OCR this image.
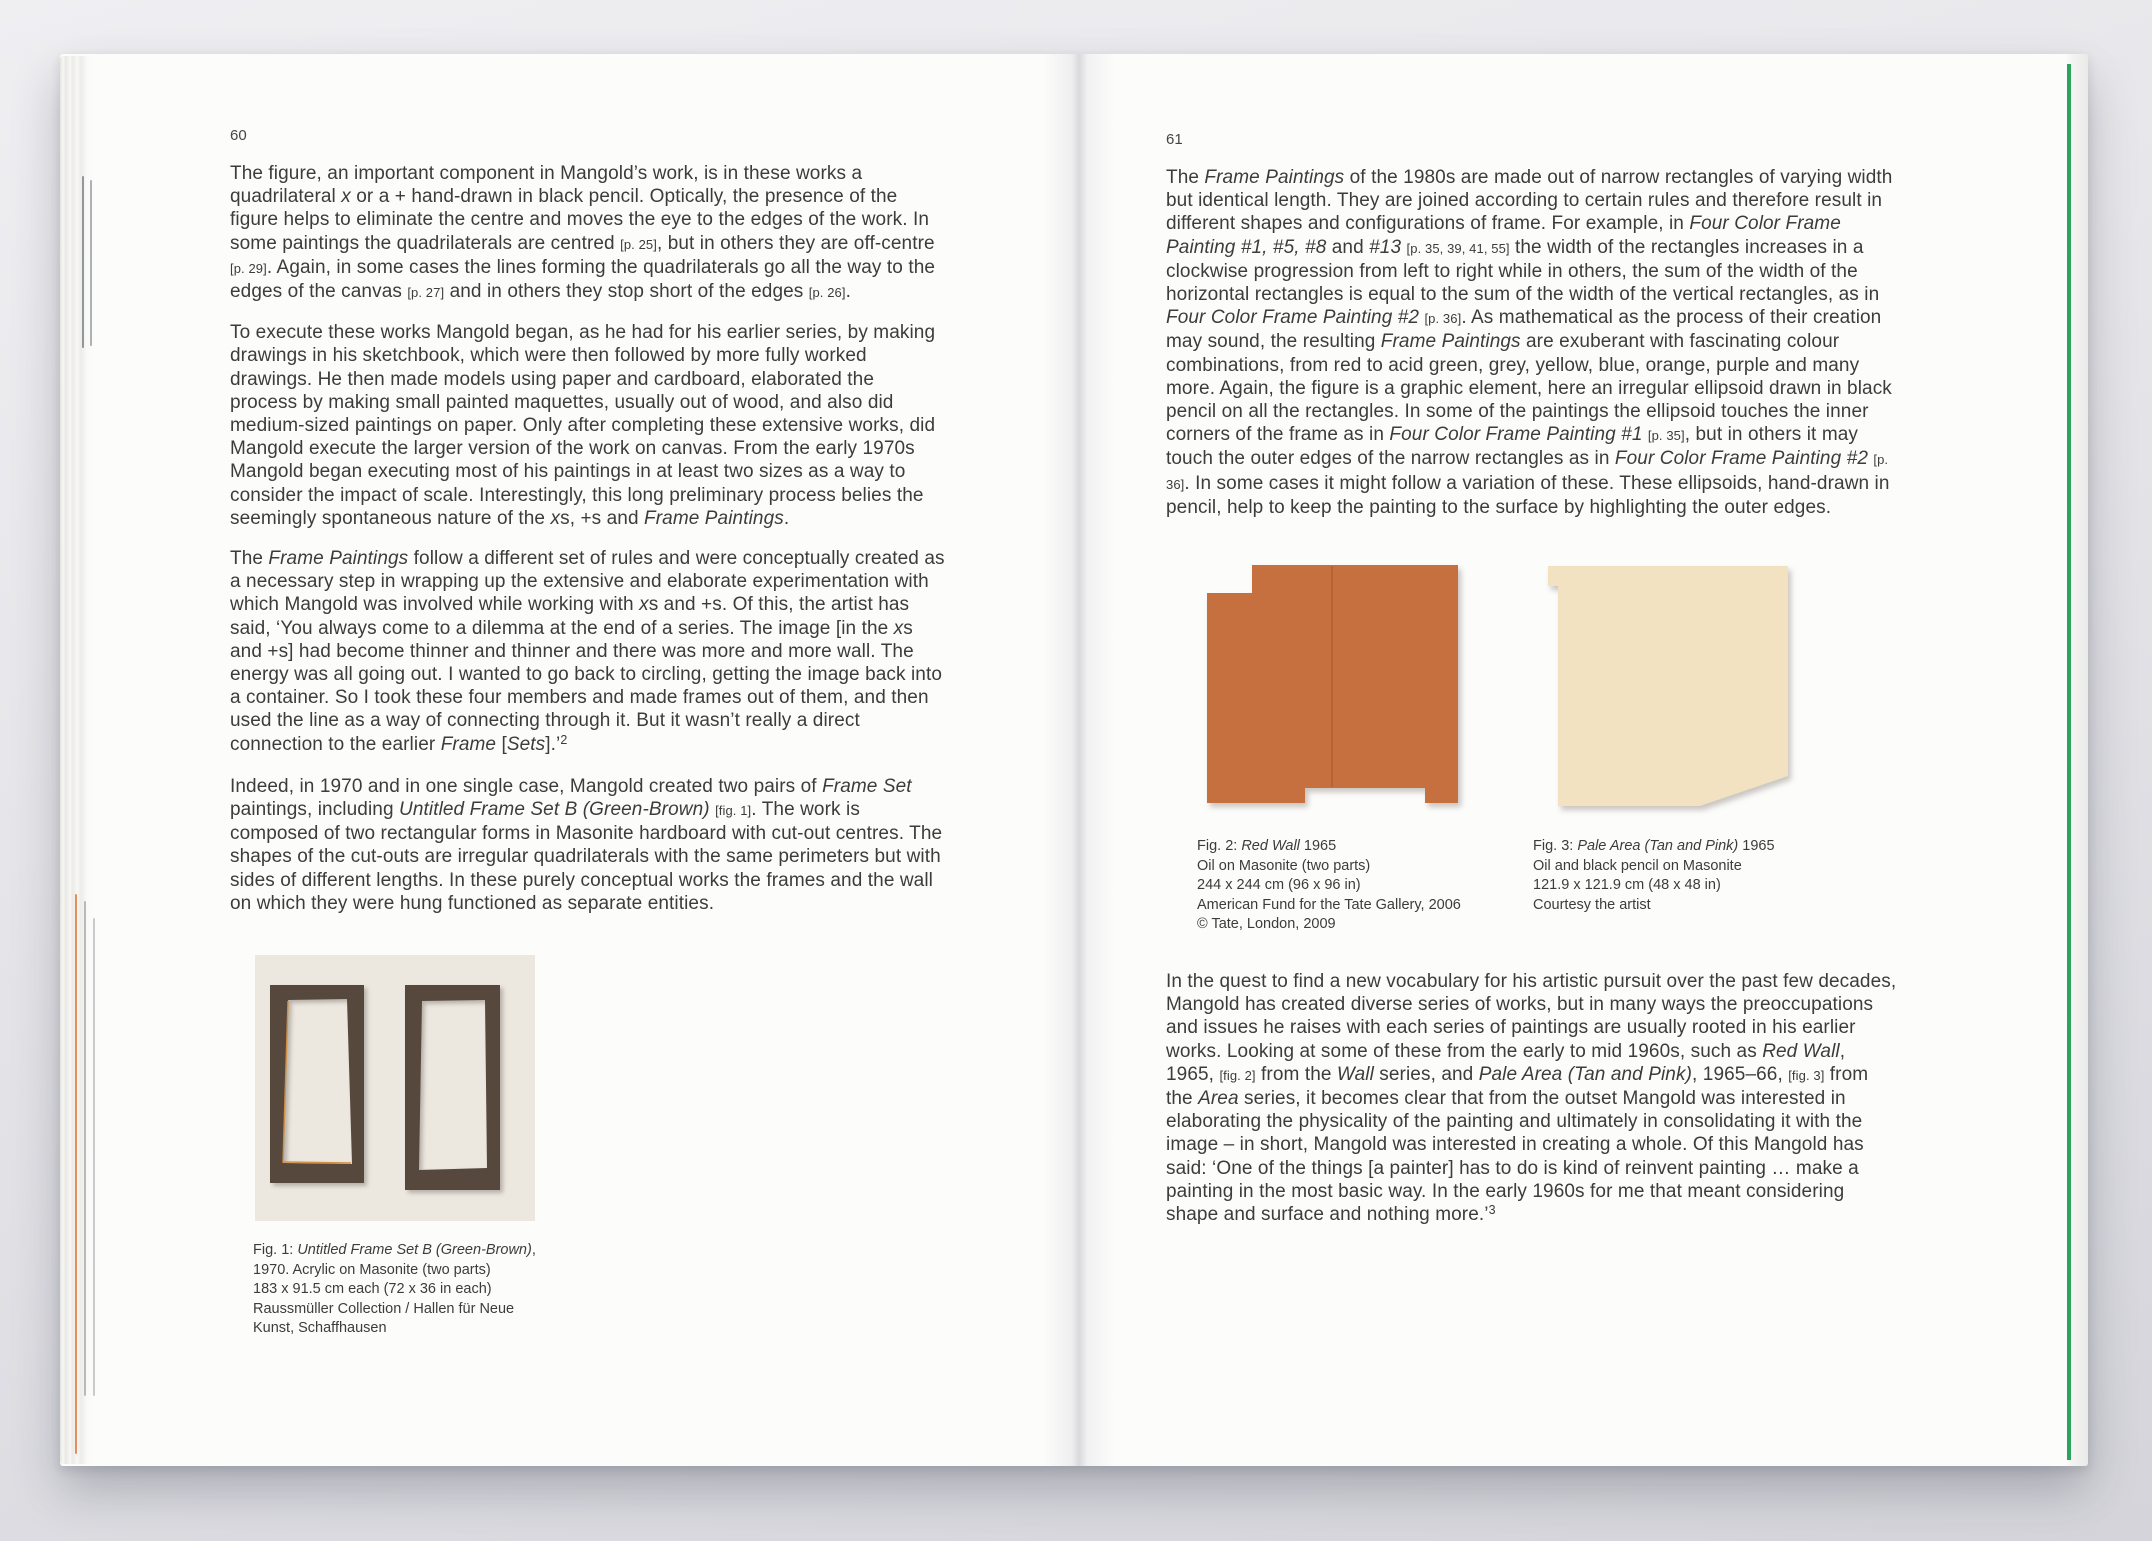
60

The figure, an important component in Mangold’s work, is in these works a quadrilateral x or a + hand-drawn in black pencil. Optically, the presence of the figure helps to eliminate the centre and moves the eye to the edges of the work. In some paintings the quadrilaterals are centred [p. 25], but in others they are off-centre [p. 29]. Again, in some cases the lines forming the quadrilaterals go all the way to the edges of the canvas [p. 27] and in others they stop short of the edges [p. 26].

To execute these works Mangold began, as he had for his earlier series, by making drawings in his sketchbook, which were then followed by more fully worked drawings. He then made models using paper and cardboard, elaborated the process by making small painted maquettes, usually out of wood, and also did medium-sized paintings on paper. Only after completing these extensive works, did Mangold execute the larger version of the work on canvas. From the early 1970s Mangold began executing most of his paintings in at least two sizes as a way to consider the impact of scale. Interestingly, this long preliminary process belies the seemingly spontaneous nature of the xs, +s and Frame Paintings.

The Frame Paintings follow a different set of rules and were conceptually created as a necessary step in wrapping up the extensive and elaborate experimentation with which Mangold was involved while working with xs and +s. Of this, the artist has said, ‘You always come to a dilemma at the end of a series. The image [in the xs and +s] had become thinner and thinner and there was more and more wall. The energy was all going out. I wanted to go back to circling, getting the image back into a container. So I took these four members and made frames out of them, and then used the line as a way of connecting through it. But it wasn’t really a direct connection to the earlier Frame [Sets].’$^2$

Indeed, in 1970 and in one single case, Mangold created two pairs of Frame Set paintings, including Untitled Frame Set B (Green-Brown) [fig. 1]. The work is composed of two rectangular forms in Masonite hardboard with cut-out centres. The shapes of the cut-outs are irregular quadrilaterals with the same perimeters but with sides of different lengths. In these purely conceptual works the frames and the wall on which they were hung functioned as separate entities.

Fig. 1: Untitled Frame Set B (Green-Brown),

1970. Acrylic on Masonite (two parts)

183 x 91.5 cm each (72 x 36 in each)

Raussmüller Collection / Hallen für Neue

Kunst, Schaffhausen

61

The Frame Paintings of the 1980s are made out of narrow rectangles of varying width but identical length. They are joined according to certain rules and therefore result in different shapes and configurations of frame. For example, in Four Color Frame Painting #1, #5, #8 and #13 [p. 35, 39, 41, 55] the width of the rectangles increases in a clockwise progression from left to right while in others, the sum of the width of the horizontal rectangles is equal to the sum of the width of the vertical rectangles, as in Four Color Frame Painting #2 [p. 36]. As mathematical as the process of their creation may sound, the resulting Frame Paintings are exuberant with fascinating colour combinations, from red to acid green, grey, yellow, blue, orange, purple and many more. Again, the figure is a graphic element, here an irregular ellipsoid drawn in black pencil on all the rectangles. In some of the paintings the ellipsoid touches the inner corners of the frame as in Four Color Frame Painting #1 [p. 35], but in others it may touch the outer edges of the narrow rectangles as in Four Color Frame Painting #2 [p. 36]. In some cases it might follow a variation of these. These ellipsoids, hand-drawn in pencil, help to keep the painting to the surface by highlighting the outer edges.

Fig. 2: Red Wall 1965

Oil on Masonite (two parts)

244 x 244 cm (96 x 96 in)

American Fund for the Tate Gallery, 2006

© Tate, London, 2009

Fig. 3: Pale Area (Tan and Pink) 1965

Oil and black pencil on Masonite

121.9 x 121.9 cm (48 x 48 in)

Courtesy the artist

In the quest to find a new vocabulary for his artistic pursuit over the past few decades, Mangold has created diverse series of works, but in many ways the preoccupations and issues he raises with each series of paintings are usually rooted in his earlier works. Looking at some of these from the early to mid 1960s, such as Red Wall, 1965, [fig. 2] from the Wall series, and Pale Area (Tan and Pink), 1965–66, [fig. 3] from the Area series, it becomes clear that from the outset Mangold was interested in elaborating the physicality of the painting and ultimately in consolidating it with the image – in short, Mangold was interested in creating a whole. Of this Mangold has said: ‘One of the things [a painter] has to do is kind of reinvent painting … make a painting in the most basic way. In the early 1960s for me that meant considering shape and surface and nothing more.’$^3$
